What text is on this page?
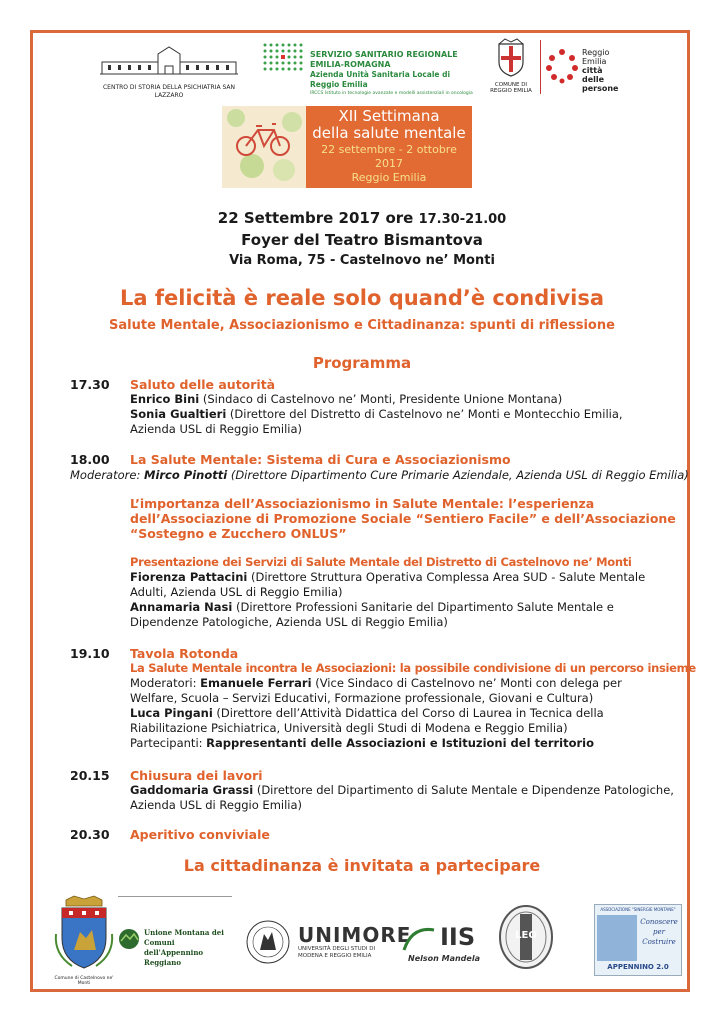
CENTRO DI STORIA DELLA PSICHIATRIA SAN LAZZARO
SERVIZIO SANITARIO REGIONALE
EMILIA-ROMAGNA
Azienda Unità Sanitaria Locale di Reggio Emilia
IRCCS Istituto in tecnologie avanzate e modelli assistenziali in oncologia
COMUNE DI REGGIO EMILIA
Reggio Emilia
città
delle persone
XII Settimana
della salute mentale
22 settembre - 2 ottobre 2017
Reggio Emilia
22 Settembre 2017 ore 17.30-21.00
Foyer del Teatro Bismantova
Via Roma, 75 - Castelnovo ne’ Monti
La felicità è reale solo quand’è condivisa
Salute Mentale, Associazionismo e Cittadinanza: spunti di riflessione
Programma
17.30 Saluto delle autorità
Enrico Bini (Sindaco di Castelnovo ne’ Monti, Presidente Unione Montana)
Sonia Gualtieri (Direttore del Distretto di Castelnovo ne’ Monti e Montecchio Emilia,
Azienda USL di Reggio Emilia)
18.00 La Salute Mentale: Sistema di Cura e Associazionismo
Moderatore: Mirco Pinotti (Direttore Dipartimento Cure Primarie Aziendale, Azienda USL di Reggio Emilia)
L’importanza dell’Associazionismo in Salute Mentale: l’esperienza
dell’Associazione di Promozione Sociale “Sentiero Facile” e dell’Associazione
“Sostegno e Zucchero ONLUS”
Presentazione dei Servizi di Salute Mentale del Distretto di Castelnovo ne’ Monti
Fiorenza Pattacini (Direttore Struttura Operativa Complessa Area SUD - Salute Mentale
Adulti, Azienda USL di Reggio Emilia)
Annamaria Nasi (Direttore Professioni Sanitarie del Dipartimento Salute Mentale e
Dipendenze Patologiche, Azienda USL di Reggio Emilia)
19.10 Tavola Rotonda
La Salute Mentale incontra le Associazioni: la possibile condivisione di un percorso insieme
Moderatori: Emanuele Ferrari (Vice Sindaco di Castelnovo ne’ Monti con delega per
Welfare, Scuola – Servizi Educativi, Formazione professionale, Giovani e Cultura)
Luca Pingani (Direttore dell’Attività Didattica del Corso di Laurea in Tecnica della
Riabilitazione Psichiatrica, Università degli Studi di Modena e Reggio Emilia)
Partecipanti: Rappresentanti delle Associazioni e Istituzioni del territorio
20.15 Chiusura dei lavori
Gaddomaria Grassi (Direttore del Dipartimento di Salute Mentale e Dipendenze Patologiche,
Azienda USL di Reggio Emilia)
20.30 Aperitivo conviviale
La cittadinanza è invitata a partecipare
Comune di Castelnovo ne' Monti
Unione Montana dei Comuni
dell'Appennino Reggiano
UNIMORE
UNIVERSITÀ DEGLI STUDI DI
MODENA E REGGIO EMILIA
IIS
Nelson Mandela
LEO
ASSOCIAZIONE "SINERGIE MONTANE"
Conoscere
per
Costruire
APPENNINO 2.0
